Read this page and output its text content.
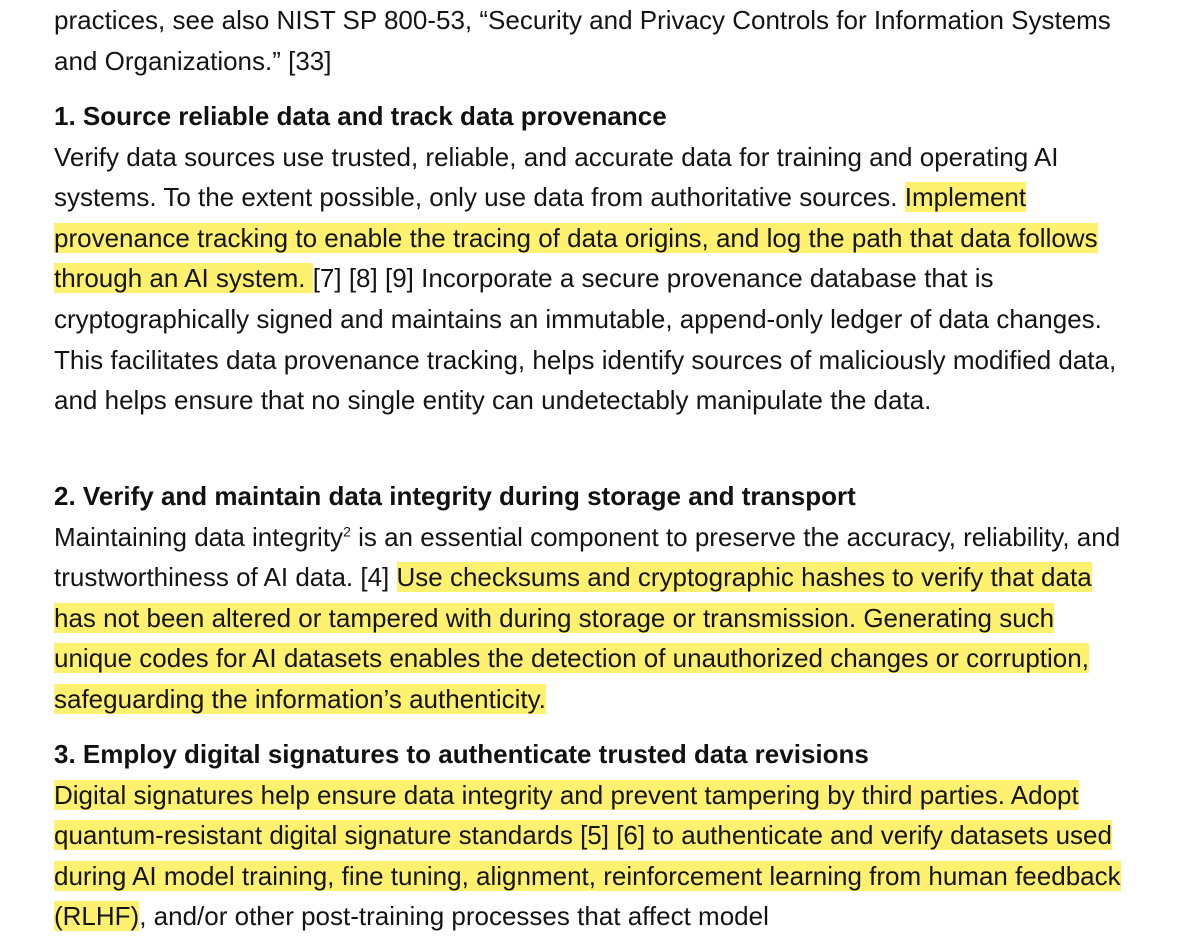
practices, see also NIST SP 800-53, “Security and Privacy Controls for Information Systems and Organizations.” [33]

1. Source reliable data and track data provenance

Verify data sources use trusted, reliable, and accurate data for training and operating AI systems. To the extent possible, only use data from authoritative sources. Implement provenance tracking to enable the tracing of data origins, and log the path that data follows through an AI system. [7] [8] [9] Incorporate a secure provenance database that is cryptographically signed and maintains an immutable, append-only ledger of data changes. This facilitates data provenance tracking, helps identify sources of maliciously modified data, and helps ensure that no single entity can undetectably manipulate the data.

2. Verify and maintain data integrity during storage and transport

Maintaining data integrity$^2$ is an essential component to preserve the accuracy, reliability, and trustworthiness of AI data. [4] Use checksums and cryptographic hashes to verify that data has not been altered or tampered with during storage or transmission. Generating such unique codes for AI datasets enables the detection of unauthorized changes or corruption, safeguarding the information’s authenticity.

3. Employ digital signatures to authenticate trusted data revisions

Digital signatures help ensure data integrity and prevent tampering by third parties. Adopt quantum-resistant digital signature standards [5] [6] to authenticate and verify datasets used during AI model training, fine tuning, alignment, reinforcement learning from human feedback (RLHF), and/or other post-training processes that affect model
